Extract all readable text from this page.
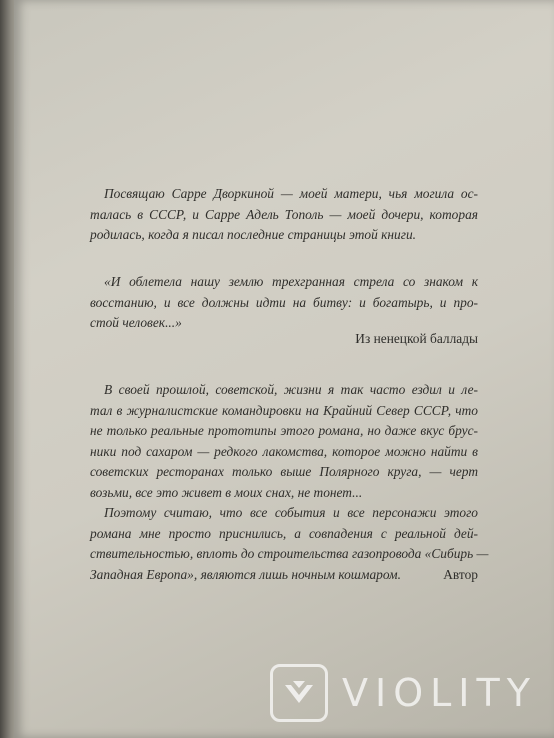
Посвящаю Сарре Дворкиной — моей матери, чья могила ос-
талась в СССР, и Сарре Адель Тополь — моей дочери, которая
родилась, когда я писал последние страницы этой книги.
«И облетела нашу землю трехгранная стрела со знаком к
восстанию, и все должны идти на битву: и богатырь, и про-
стой человек...»
Из ненецкой баллады
В своей прошлой, советской, жизни я так часто ездил и ле-
тал в журналистские командировки на Крайний Север СССР, что
не только реальные прототипы этого романа, но даже вкус брус-
ники под сахаром — редкого лакомства, которое можно найти в
советских ресторанах только выше Полярного круга, — черт
возьми, все это живет в моих снах, не тонет...
Поэтому считаю, что все события и все персонажи этого
романа мне просто приснились, а совпадения с реальной дей-
ствительностью, вплоть до строительства газопровода «Сибирь —
Западная Европа», являются лишь ночным кошмаром.	Автор
VIOLITY
